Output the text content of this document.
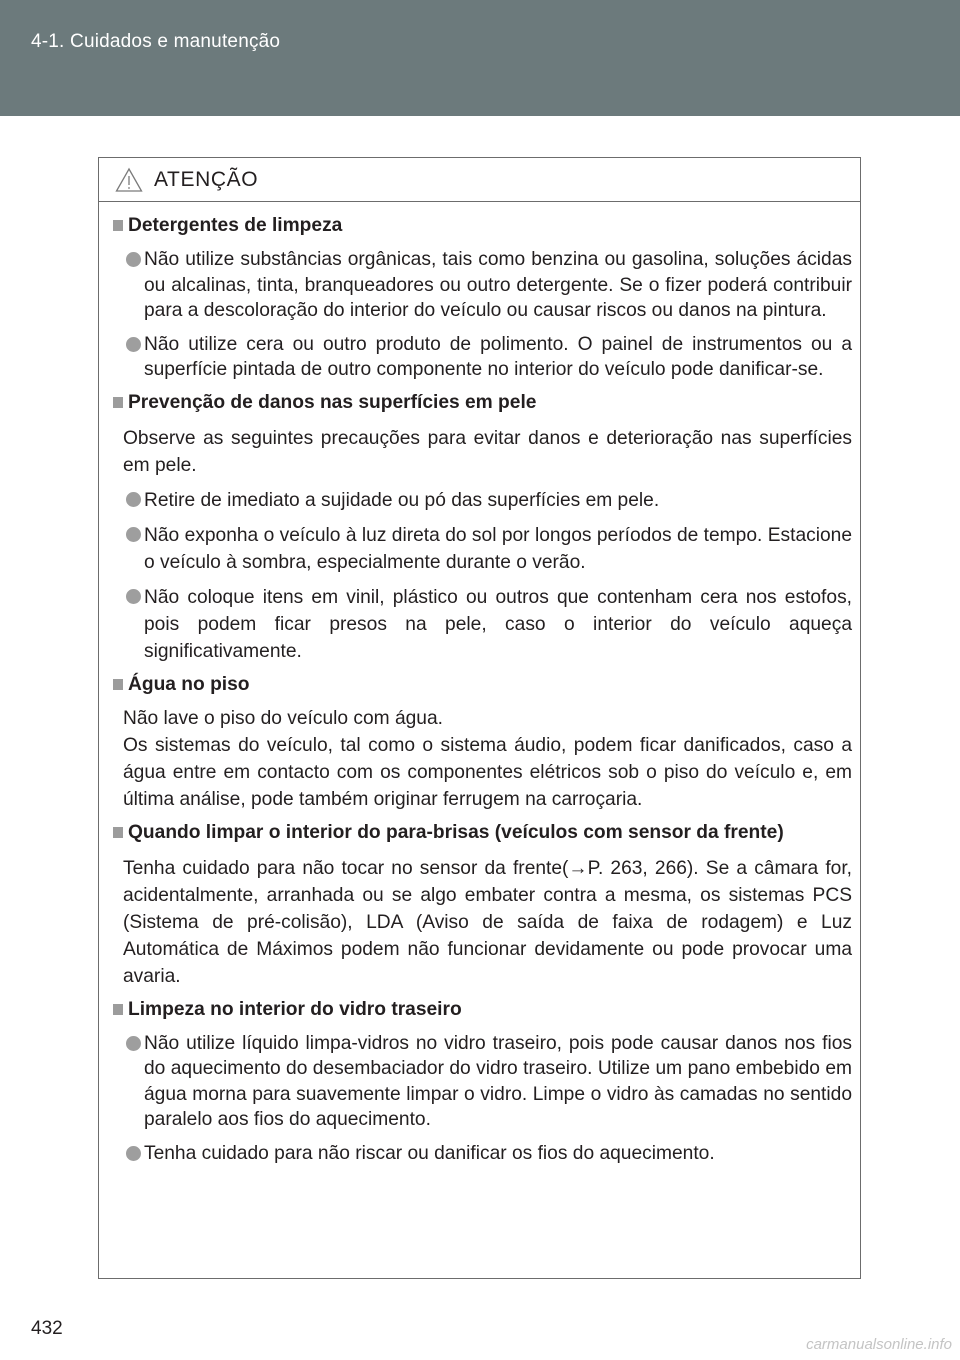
4-1. Cuidados e manutenção
ATENÇÃO
Detergentes de limpeza
Não utilize substâncias orgânicas, tais como benzina ou gasolina, soluções ácidas ou alcalinas, tinta, branqueadores ou outro detergente. Se o fizer poderá contribuir para a descoloração do interior do veículo ou causar riscos ou danos na pintura.
Não utilize cera ou outro produto de polimento. O painel de instrumentos ou a superfície pintada de outro componente no interior do veículo pode danificar-se.
Prevenção de danos nas superfícies em pele
Observe as seguintes precauções para evitar danos e deterioração nas superfícies em pele.
Retire de imediato a sujidade ou pó das superfícies em pele.
Não exponha o veículo à luz direta do sol por longos períodos de tempo. Estacione o veículo à sombra, especialmente durante o verão.
Não coloque itens em vinil, plástico ou outros que contenham cera nos estofos, pois podem ficar presos na pele, caso o interior do veículo aqueça significativamente.
Água no piso
Não lave o piso do veículo com água.
Os sistemas do veículo, tal como o sistema áudio, podem ficar danificados, caso a água entre em contacto com os componentes elétricos sob o piso do veículo e, em última análise, pode também originar ferrugem na carroçaria.
Quando limpar o interior do para-brisas (veículos com sensor da frente)
Tenha cuidado para não tocar no sensor da frente(→P. 263, 266). Se a câmara for, acidentalmente, arranhada ou se algo embater contra a mesma, os sistemas PCS (Sistema de pré-colisão), LDA (Aviso de saída de faixa de rodagem) e Luz Automática de Máximos podem não funcionar devidamente ou pode provocar uma avaria.
Limpeza no interior do vidro traseiro
Não utilize líquido limpa-vidros no vidro traseiro, pois pode causar danos nos fios do aquecimento do desembaciador do vidro traseiro. Utilize um pano embebido em água morna para suavemente limpar o vidro. Limpe o vidro às camadas no sentido paralelo aos fios do aquecimento.
Tenha cuidado para não riscar ou danificar os fios do aquecimento.
432
carmanualsonline.info
